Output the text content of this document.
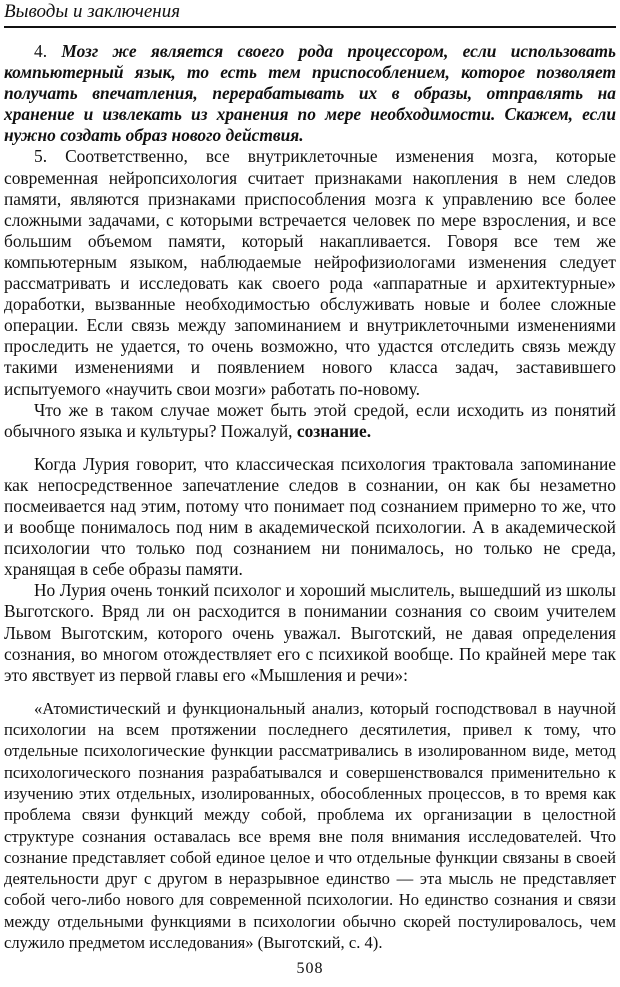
Выводы и заключения

4. Мозг же является своего рода процессором, если использовать компьютерный язык, то есть тем приспособлением, которое позволяет получать впечатления, перерабатывать их в образы, отправлять на хранение и извлекать из хранения по мере необходимости. Скажем, если нужно создать образ нового действия.

5. Соответственно, все внутриклеточные изменения мозга, которые современная нейропсихология считает признаками накопления в нем следов памяти, являются признаками приспособления мозга к управлению все более сложными задачами, с которыми встречается человек по мере взросления, и все большим объемом памяти, который накапливается. Говоря все тем же компьютерным языком, наблюдаемые нейрофизиологами изменения следует рассматривать и исследовать как своего рода «аппаратные и архитектурные» доработки, вызванные необходимостью обслуживать новые и более сложные операции. Если связь между запоминанием и внутриклеточными изменениями проследить не удается, то очень возможно, что удастся отследить связь между такими изменениями и появлением нового класса задач, заставившего испытуемого «научить свои мозги» работать по-новому.

Что же в таком случае может быть этой средой, если исходить из понятий обычного языка и культуры? Пожалуй, сознание.

Когда Лурия говорит, что классическая психология трактовала запоминание как непосредственное запечатление следов в сознании, он как бы незаметно посмеивается над этим, потому что понимает под сознанием примерно то же, что и вообще понималось под ним в академической психологии. А в академической психологии что только под сознанием ни понималось, но только не среда, хранящая в себе образы памяти.

Но Лурия очень тонкий психолог и хороший мыслитель, вышедший из школы Выготского. Вряд ли он расходится в понимании сознания со своим учителем Львом Выготским, которого очень уважал. Выготский, не давая определения сознания, во многом отождествляет его с психикой вообще. По крайней мере так это явствует из первой главы его «Мышления и речи»:

«Атомистический и функциональный анализ, который господствовал в научной психологии на всем протяжении последнего десятилетия, привел к тому, что отдельные психологические функции рассматривались в изолированном виде, метод психологического познания разрабатывался и совершенствовался применительно к изучению этих отдельных, изолированных, обособленных процессов, в то время как проблема связи функций между собой, проблема их организации в целостной структуре сознания оставалась все время вне поля внимания исследователей. Что сознание представляет собой единое целое и что отдельные функции связаны в своей деятельности друг с другом в неразрывное единство — эта мысль не представляет собой чего-либо нового для современной психологии. Но единство сознания и связи между отдельными функциями в психологии обычно скорей постулировалось, чем служило предметом исследования» (Выготский, с. 4).

508
